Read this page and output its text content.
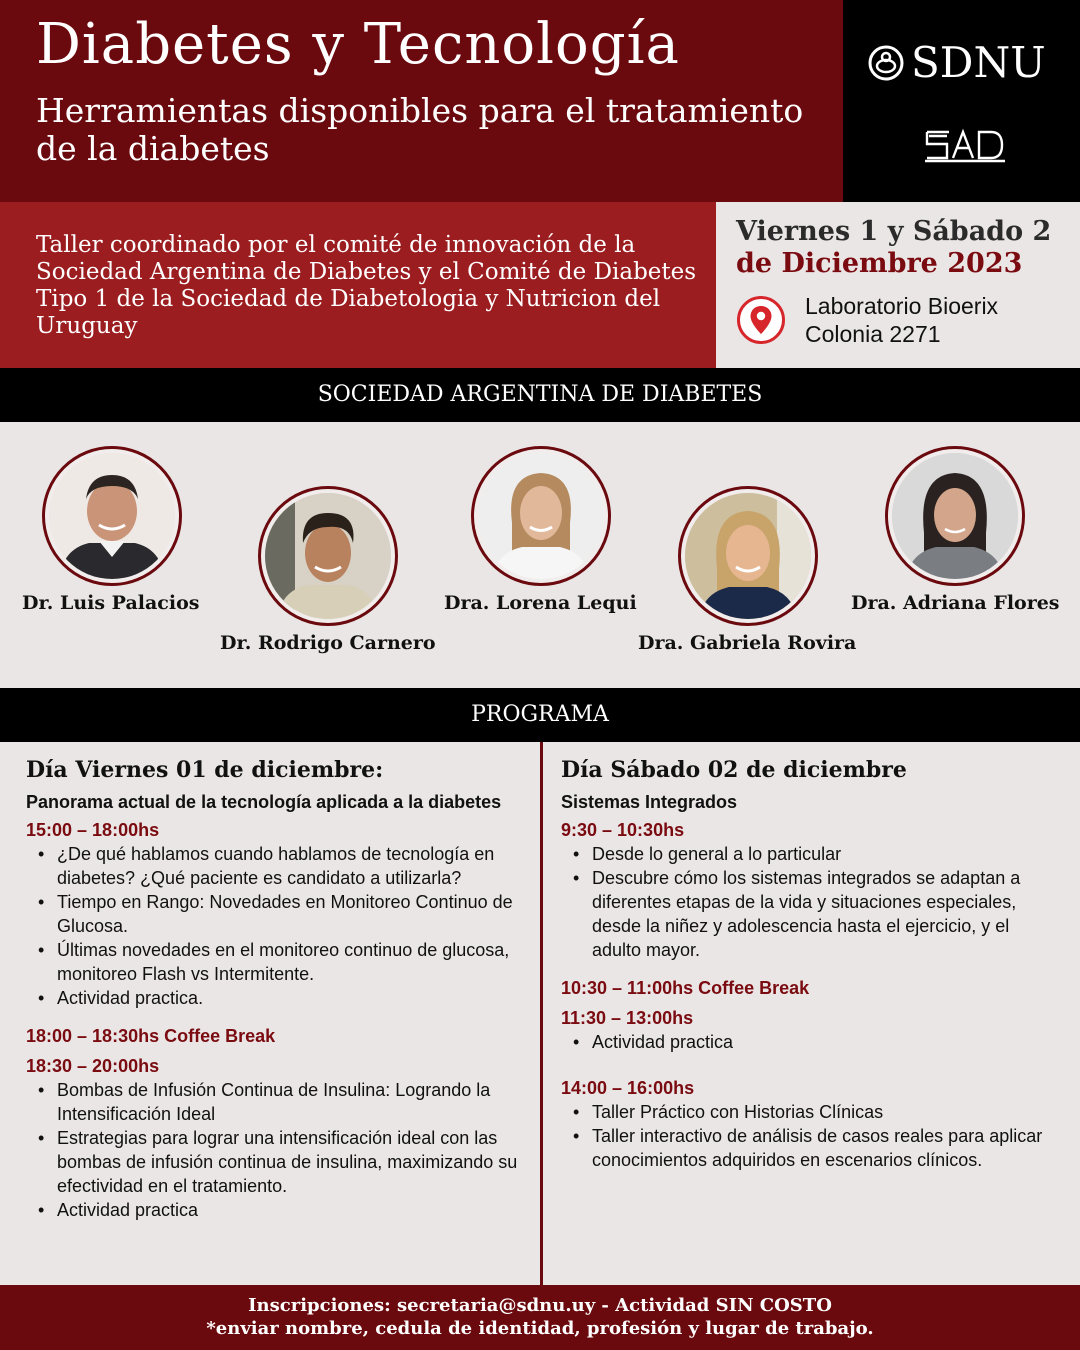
Diabetes y Tecnología
Herramientas disponibles para el tratamiento de la diabetes
SDNU

Taller coordinado por el comité de innovación de la Sociedad Argentina de Diabetes y el Comité de Diabetes Tipo 1 de la Sociedad de Diabetologia y Nutricion del Uruguay

Viernes 1 y Sábado 2
de Diciembre 2023
Laboratorio Bioerix
Colonia 2271
SOCIEDAD ARGENTINA DE DIABETES
Dr. Luis Palacios
Dr. Rodrigo Carnero
Dra. Lorena Lequi
Dra. Gabriela Rovira
Dra. Adriana Flores
PROGRAMA
Día Viernes 01 de diciembre:
Panorama actual de la tecnología aplicada a la diabetes
15:00 – 18:00hs
• ¿De qué hablamos cuando hablamos de tecnología en diabetes? ¿Qué paciente es candidato a utilizarla?
• Tiempo en Rango: Novedades en Monitoreo Continuo de Glucosa.
• Últimas novedades en el monitoreo continuo de glucosa, monitoreo Flash vs Intermitente.
• Actividad practica.
18:00 – 18:30hs Coffee Break
18:30 – 20:00hs
• Bombas de Infusión Continua de Insulina: Logrando la Intensificación Ideal
• Estrategias para lograr una intensificación ideal con las bombas de infusión continua de insulina, maximizando su efectividad en el tratamiento.
• Actividad practica
Día Sábado 02 de diciembre
Sistemas Integrados
9:30 – 10:30hs
• Desde lo general a lo particular
• Descubre cómo los sistemas integrados se adaptan a diferentes etapas de la vida y situaciones especiales, desde la niñez y adolescencia hasta el ejercicio, y el adulto mayor.
10:30 – 11:00hs Coffee Break
11:30 – 13:00hs
• Actividad practica
14:00 – 16:00hs
• Taller Práctico con Historias Clínicas
• Taller interactivo de análisis de casos reales para aplicar conocimientos adquiridos en escenarios clínicos.
Inscripciones: secretaria@sdnu.uy - Actividad SIN COSTO
*enviar nombre, cedula de identidad, profesión y lugar de trabajo.
